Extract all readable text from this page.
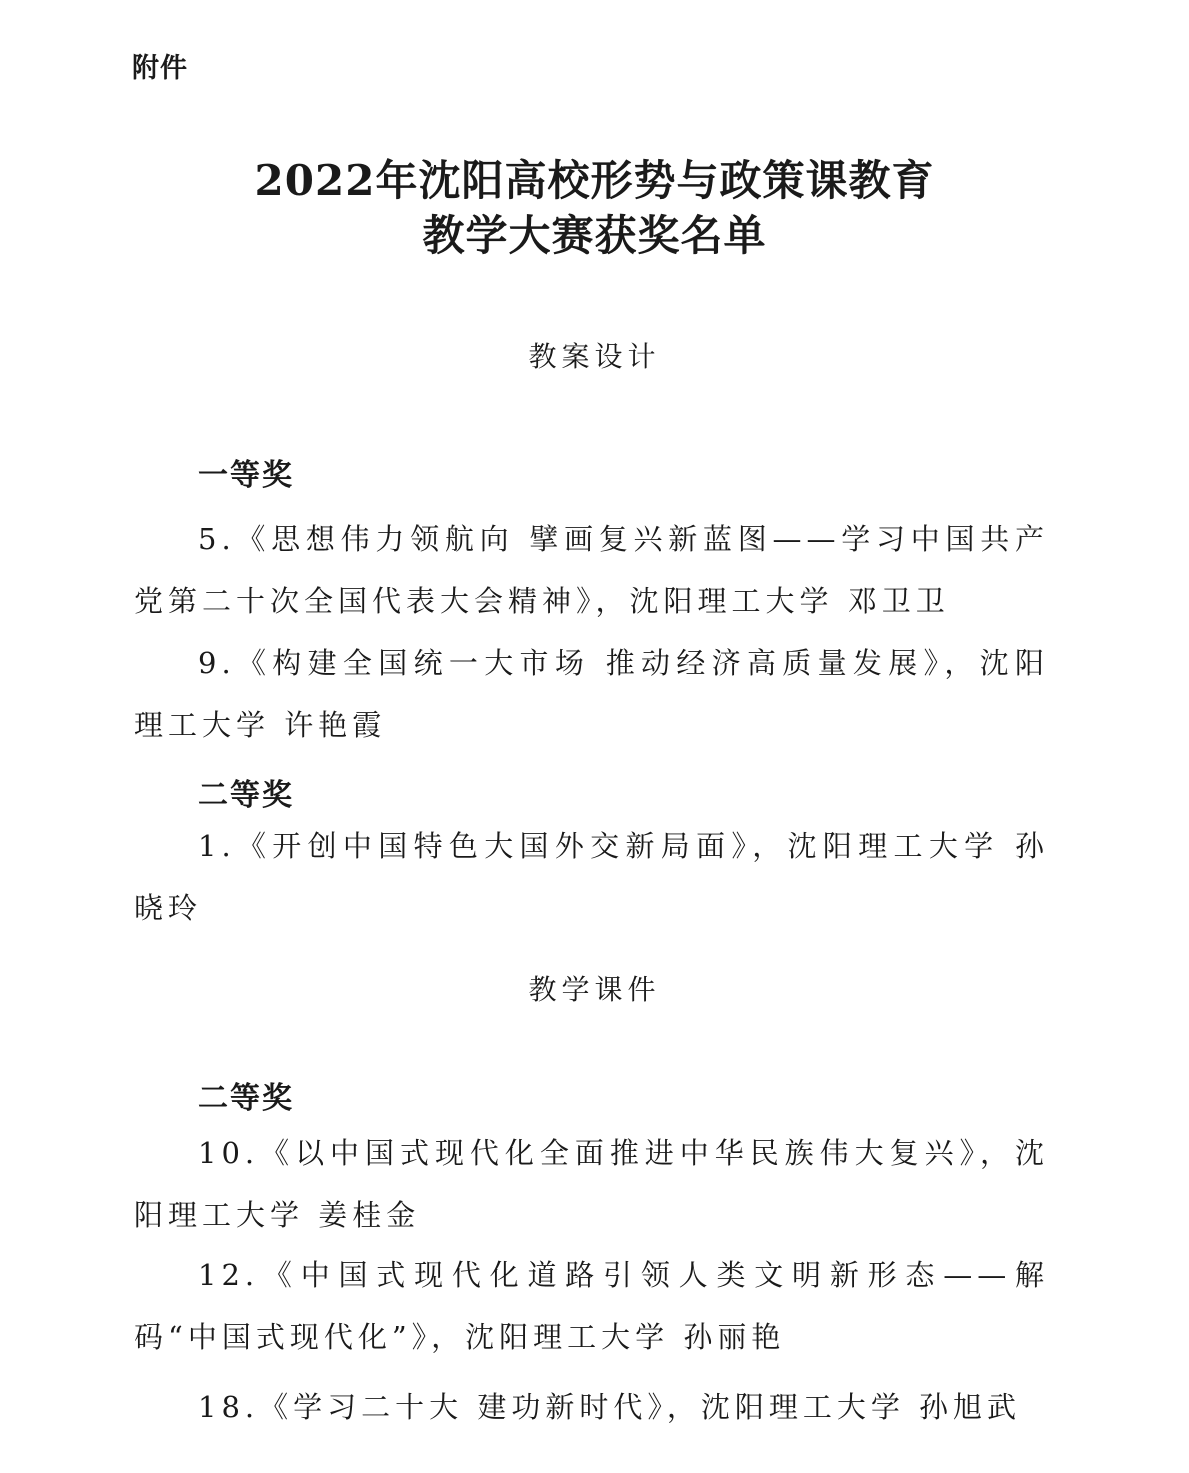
附件
2022年沈阳高校形势与政策课教育
教学大赛获奖名单
教案设计
一等奖
5.《思想伟力领航向 擘画复兴新蓝图——学习中国共产党第二十次全国代表大会精神》，沈阳理工大学 邓卫卫
9.《构建全国统一大市场 推动经济高质量发展》，沈阳理工大学 许艳霞
二等奖
1.《开创中国特色大国外交新局面》，沈阳理工大学 孙晓玲
教学课件
二等奖
10.《以中国式现代化全面推进中华民族伟大复兴》，沈阳理工大学 姜桂金
12.《中国式现代化道路引领人类文明新形态——解码“中国式现代化”》，沈阳理工大学 孙丽艳
18.《学习二十大 建功新时代》，沈阳理工大学 孙旭武
